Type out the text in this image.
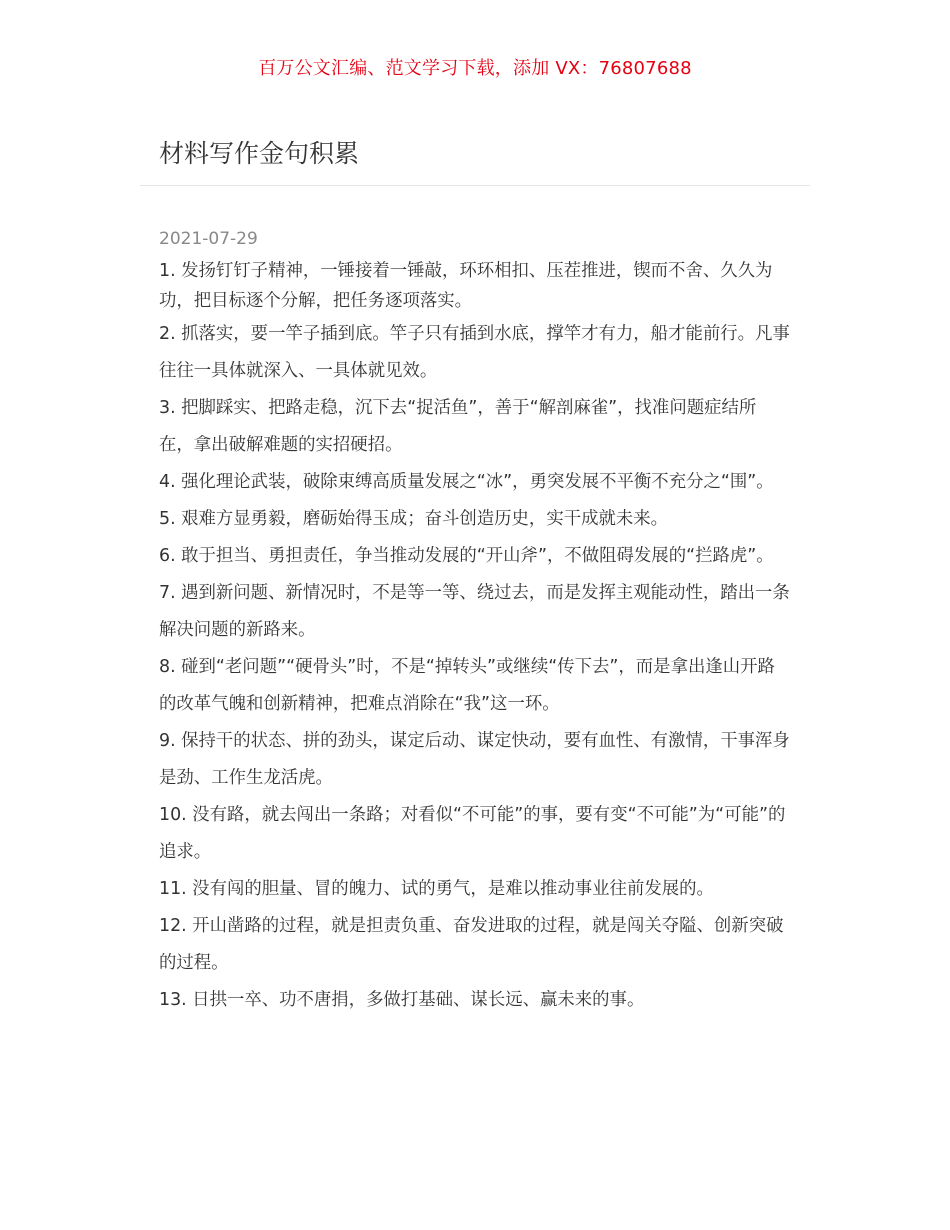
百万公文汇编、范文学习下载，添加 VX：76807688
材料写作金句积累
2021-07-29

1. 发扬钉钉子精神，一锤接着一锤敲，环环相扣、压茬推进，锲而不舍、久久为功，把目标逐个分解，把任务逐项落实。

2. 抓落实，要一竿子插到底。竿子只有插到水底，撑竿才有力，船才能前行。凡事往往一具体就深入、一具体就见效。

3. 把脚踩实、把路走稳，沉下去“捉活鱼”，善于“解剖麻雀”，找准问题症结所在，拿出破解难题的实招硬招。

4. 强化理论武装，破除束缚高质量发展之“冰”，勇突发展不平衡不充分之“围”。

5. 艰难方显勇毅，磨砺始得玉成；奋斗创造历史，实干成就未来。

6. 敢于担当、勇担责任，争当推动发展的“开山斧”，不做阻碍发展的“拦路虎”。

7. 遇到新问题、新情况时，不是等一等、绕过去，而是发挥主观能动性，踏出一条解决问题的新路来。

8. 碰到“老问题”“硬骨头”时，不是“掉转头”或继续“传下去”，而是拿出逢山开路的改革气魄和创新精神，把难点消除在“我”这一环。

9. 保持干的状态、拼的劲头，谋定后动、谋定快动，要有血性、有激情，干事浑身是劲、工作生龙活虎。

10. 没有路，就去闯出一条路；对看似“不可能”的事，要有变“不可能”为“可能”的追求。

11. 没有闯的胆量、冒的魄力、试的勇气，是难以推动事业往前发展的。

12. 开山凿路的过程，就是担责负重、奋发进取的过程，就是闯关夺隘、创新突破的过程。

13. 日拱一卒、功不唐捐，多做打基础、谋长远、赢未来的事。
